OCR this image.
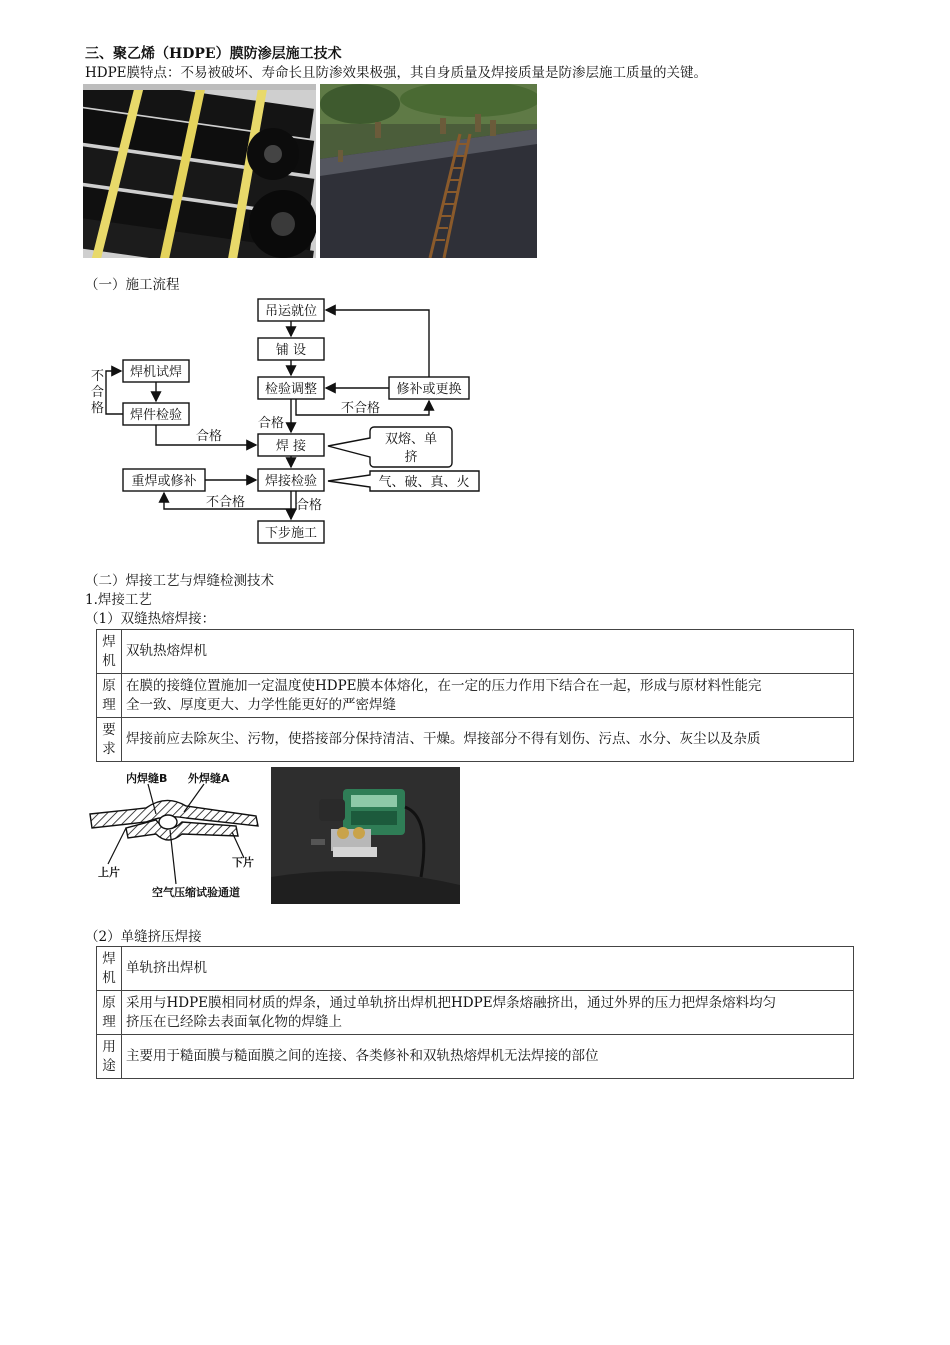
三、聚乙烯（HDPE）膜防渗层施工技术
HDPE膜特点：不易被破坏、寿命长且防渗效果极强，其自身质量及焊接质量是防渗层施工质量的关键。
（一）施工流程
吊运就位
铺 设
检验调整	修补或更换
焊机试焊
焊件检验
焊 接
焊接检验
重焊或修补
下步施工
双熔、单
挤
气、破、真、火
合格
合格
合格
不合格
不合格
不
合
格
（二）焊接工艺与焊缝检测技术
1.焊接工艺
（1）双缝热熔焊接：
焊机	双轨热熔焊机
原理	在膜的接缝位置施加一定温度使HDPE膜本体熔化，在一定的压力作用下结合在一起，形成与原材料性能完
全一致、厚度更大、力学性能更好的严密焊缝

要求	焊接前应去除灰尘、污物，使搭接部分保持清洁、干燥。焊接部分不得有划伤、污点、水分、灰尘以及杂质
内焊缝B 外焊缝A
上片
下片
空气压缩试验通道
（2）单缝挤压焊接
焊机	单轨挤出焊机
原理	采用与HDPE膜相同材质的焊条，通过单轨挤出焊机把HDPE焊条熔融挤出，通过外界的压力把焊条熔料均匀
挤压在已经除去表面氧化物的焊缝上

用途	主要用于糙面膜与糙面膜之间的连接、各类修补和双轨热熔焊机无法焊接的部位
